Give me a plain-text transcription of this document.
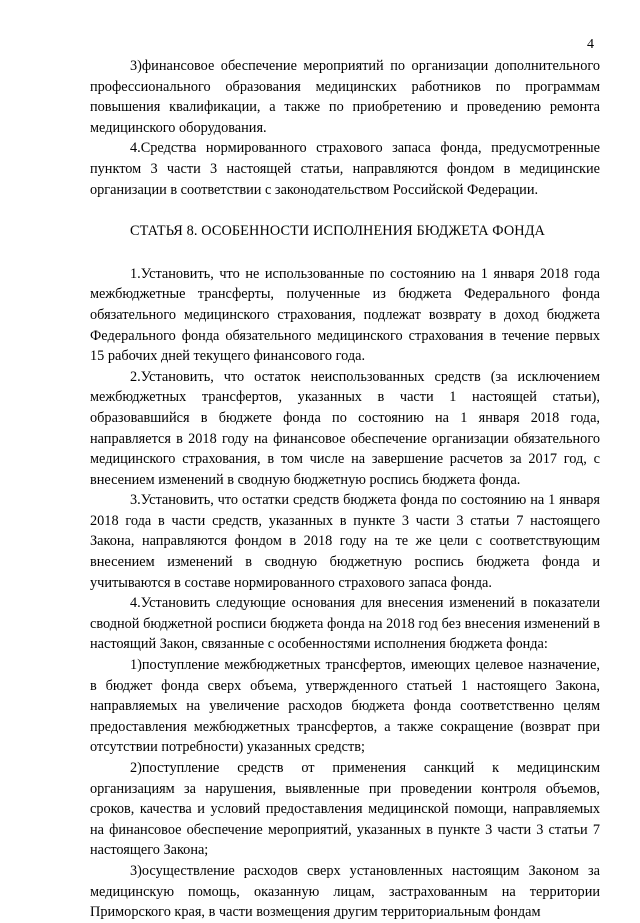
4

3)финансовое обеспечение мероприятий по организации дополнительного профессионального образования медицинских работников по программам повышения квалификации, а также по приобретению и проведению ремонта медицинского оборудования.

4.Средства нормированного страхового запаса фонда, предусмотренные пунктом 3 части 3 настоящей статьи, направляются фондом в медицинские организации в соответствии с законодательством Российской Федерации.

СТАТЬЯ 8. ОСОБЕННОСТИ ИСПОЛНЕНИЯ БЮДЖЕТА ФОНДА

1.Установить, что не использованные по состоянию на 1 января 2018 года межбюджетные трансферты, полученные из бюджета Федерального фонда обязательного медицинского страхования, подлежат возврату в доход бюджета Федерального фонда обязательного медицинского страхования в течение первых 15 рабочих дней текущего финансового года.

2.Установить, что остаток неиспользованных средств (за исключением межбюджетных трансфертов, указанных в части 1 настоящей статьи), образовавшийся в бюджете фонда по состоянию на 1 января 2018 года, направляется в 2018 году на финансовое обеспечение организации обязательного медицинского страхования, в том числе на завершение расчетов за 2017 год, с внесением изменений в сводную бюджетную роспись бюджета фонда.

3.Установить, что остатки средств бюджета фонда по состоянию на 1 января 2018 года в части средств, указанных в пункте 3 части 3 статьи 7 настоящего Закона, направляются фондом в 2018 году на те же цели с соответствующим внесением изменений в сводную бюджетную роспись бюджета фонда и учитываются в составе нормированного страхового запаса фонда.

4.Установить следующие основания для внесения изменений в показатели сводной бюджетной росписи бюджета фонда на 2018 год без внесения изменений в настоящий Закон, связанные с особенностями исполнения бюджета фонда:

1)поступление межбюджетных трансфертов, имеющих целевое назначение, в бюджет фонда сверх объема, утвержденного статьей 1 настоящего Закона, направляемых на увеличение расходов бюджета фонда соответственно целям предоставления межбюджетных трансфертов, а также сокращение (возврат при отсутствии потребности) указанных средств;

2)поступление средств от применения санкций к медицинским организациям за нарушения, выявленные при проведении контроля объемов, сроков, качества и условий предоставления медицинской помощи, направляемых на финансовое обеспечение мероприятий, указанных в пункте 3 части 3 статьи 7 настоящего Закона;

3)осуществление расходов сверх установленных настоящим Законом за медицинскую помощь, оказанную лицам, застрахованным на территории Приморского края, в части возмещения другим территориальным фондам
